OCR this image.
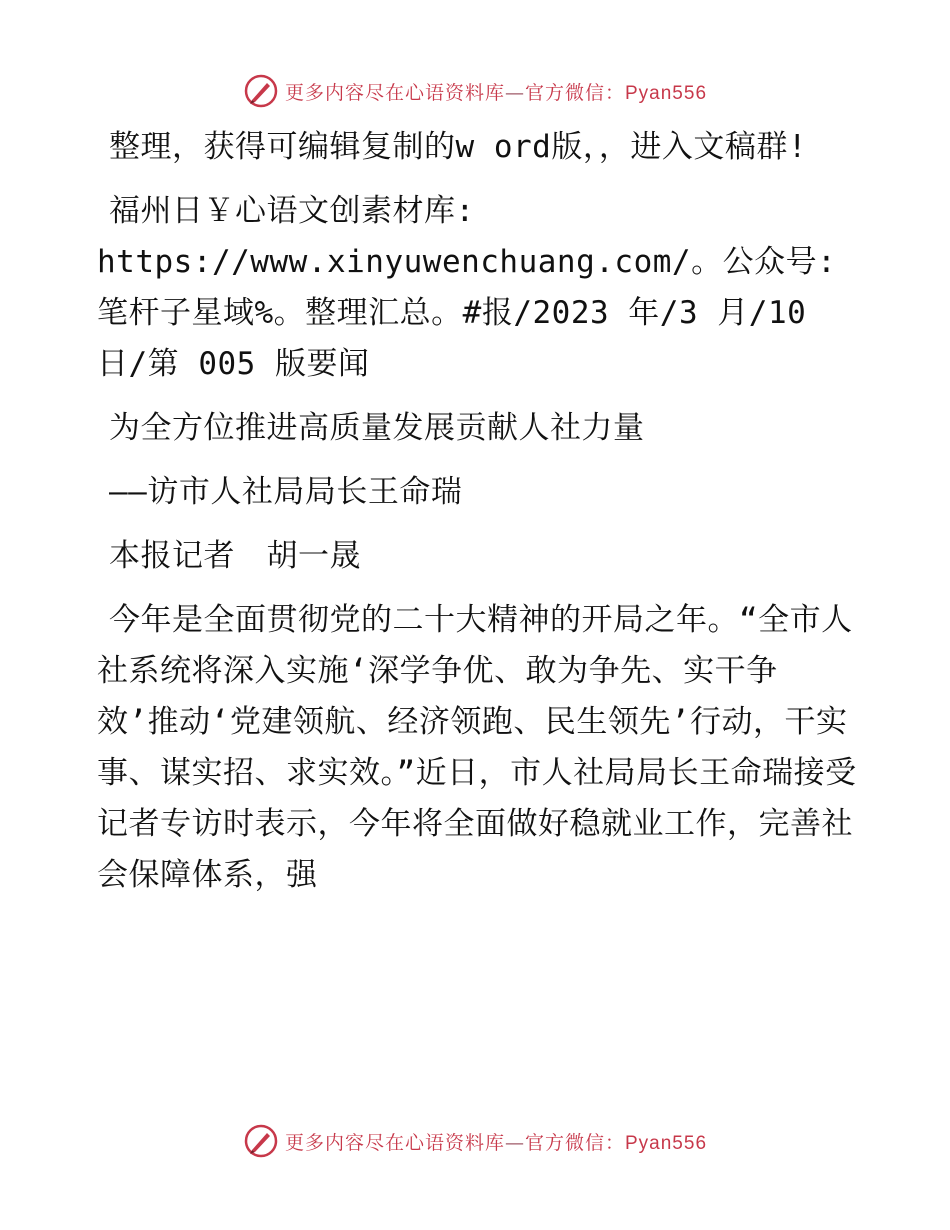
更多内容尽在心语资料库—官方微信：Pyan556

整理，获得可编辑复制的w ord版，，进入文稿群!

福州日￥心语文创素材库: https://www.xinyuwenchuang.com/。公众号: 笔杆子星域%。整理汇总。#报/2023 年/3 月/10 日/第 005 版要闻

为全方位推进高质量发展贡献人社力量

——访市人社局局长王命瑞

本报记者　胡一晟

今年是全面贯彻党的二十大精神的开局之年。“全市人社系统将深入实施‘深学争优、敢为争先、实干争效’推动‘党建领航、经济领跑、民生领先’行动，干实事、谋实招、求实效。”近日，市人社局局长王命瑞接受记者专访时表示，今年将全面做好稳就业工作，完善社会保障体系，强

更多内容尽在心语资料库—官方微信：Pyan556
